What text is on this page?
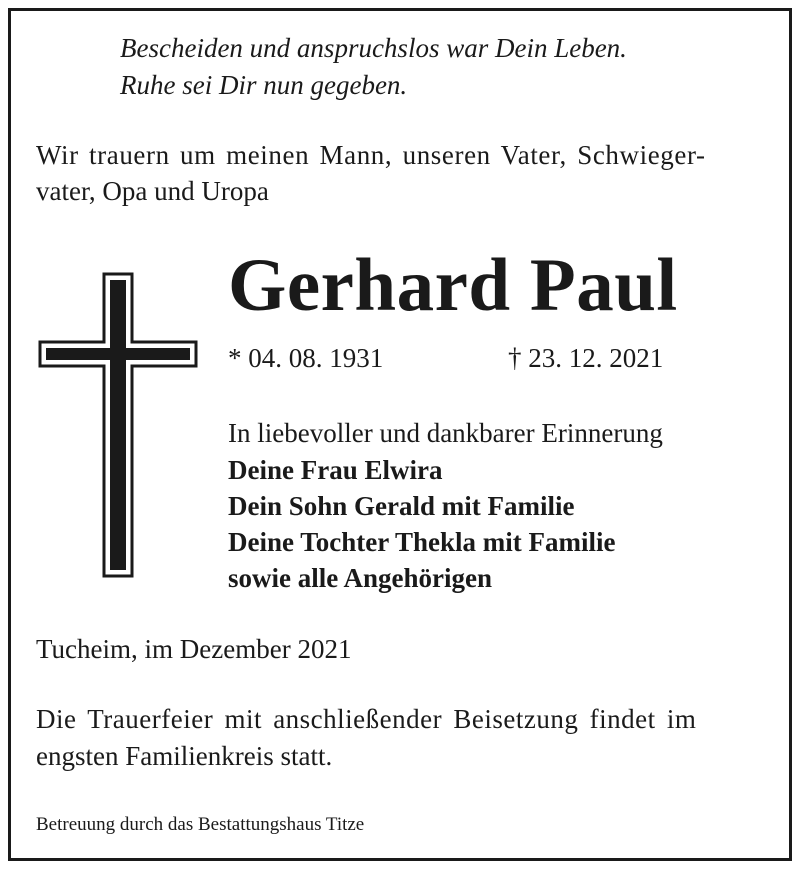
Bescheiden und anspruchslos war Dein Leben.
Ruhe sei Dir nun gegeben.
Wir trauern um meinen Mann, unseren Vater, Schwieger-
vater, Opa und Uropa
Gerhard Paul
* 04. 08. 1931	† 23. 12. 2021
In liebevoller und dankbarer Erinnerung
Deine Frau Elwira
Dein Sohn Gerald mit Familie
Deine Tochter Thekla mit Familie
sowie alle Angehörigen
Tucheim, im Dezember 2021
Die Trauerfeier mit anschließender Beisetzung findet im
engsten Familienkreis statt.
Betreuung durch das Bestattungshaus Titze
